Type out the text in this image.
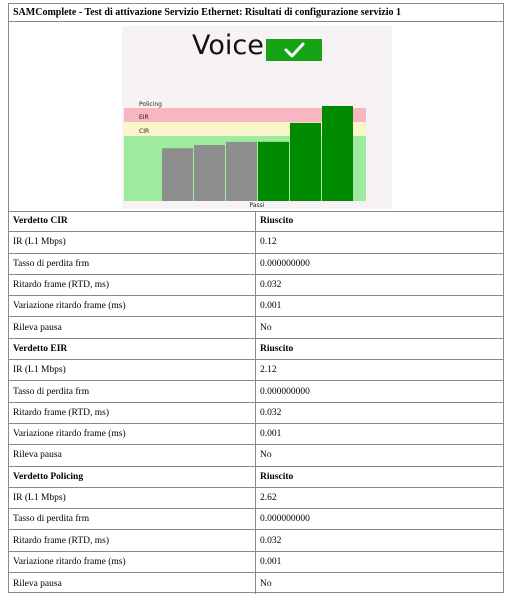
SAMComplete - Test di attivazione Servizio Ethernet: Risultati di configurazione servizio 1
Voice
Policing
EIR
CIR
Passi
Verdetto CIR	Riuscito
IR (L1 Mbps)	0.12
Tasso di perdita frm	0.000000000
Ritardo frame (RTD, ms)	0.032
Variazione ritardo frame (ms)	0.001
Rileva pausa	No
Verdetto EIR	Riuscito
IR (L1 Mbps)	2.12
Tasso di perdita frm	0.000000000
Ritardo frame (RTD, ms)	0.032
Variazione ritardo frame (ms)	0.001
Rileva pausa	No
Verdetto Policing	Riuscito
IR (L1 Mbps)	2.62
Tasso di perdita frm	0.000000000
Ritardo frame (RTD, ms)	0.032
Variazione ritardo frame (ms)	0.001
Rileva pausa	No
